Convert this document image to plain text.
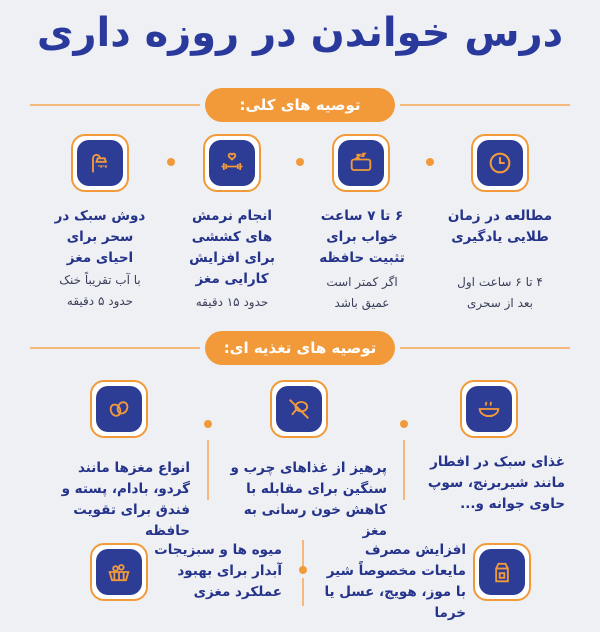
درس خواندن در روزه داری
توصیه های کلی:
مطالعه در زمان طلایی یادگیری
۴ تا ۶ ساعت اول بعد از سحری
۶ تا ۷ ساعت خواب برای تثبیت حافظه
اگر کمتر است عمیق باشد
انجام نرمش های کششی برای افزایش کارایی مغز
حدود ۱۵ دقیقه
دوش سبک در سحر برای احیای مغز
با آب تقریباً خنک حدود ۵ دقیقه
توصیه های تغذیه ای:
غذای سبک در افطار مانند شیربرنج، سوپ حاوی جوانه و...
پرهیز از غذاهای چرب و سنگین برای مقابله با کاهش خون رسانی به مغز
انواع مغزها مانند گردو، بادام، پسته و فندق برای تقویت حافظه
افزایش مصرف مایعات مخصوصاً شیر با موز، هویج، عسل یا خرما
میوه ها و سبزیجات آبدار برای بهبود عملکرد مغزی
